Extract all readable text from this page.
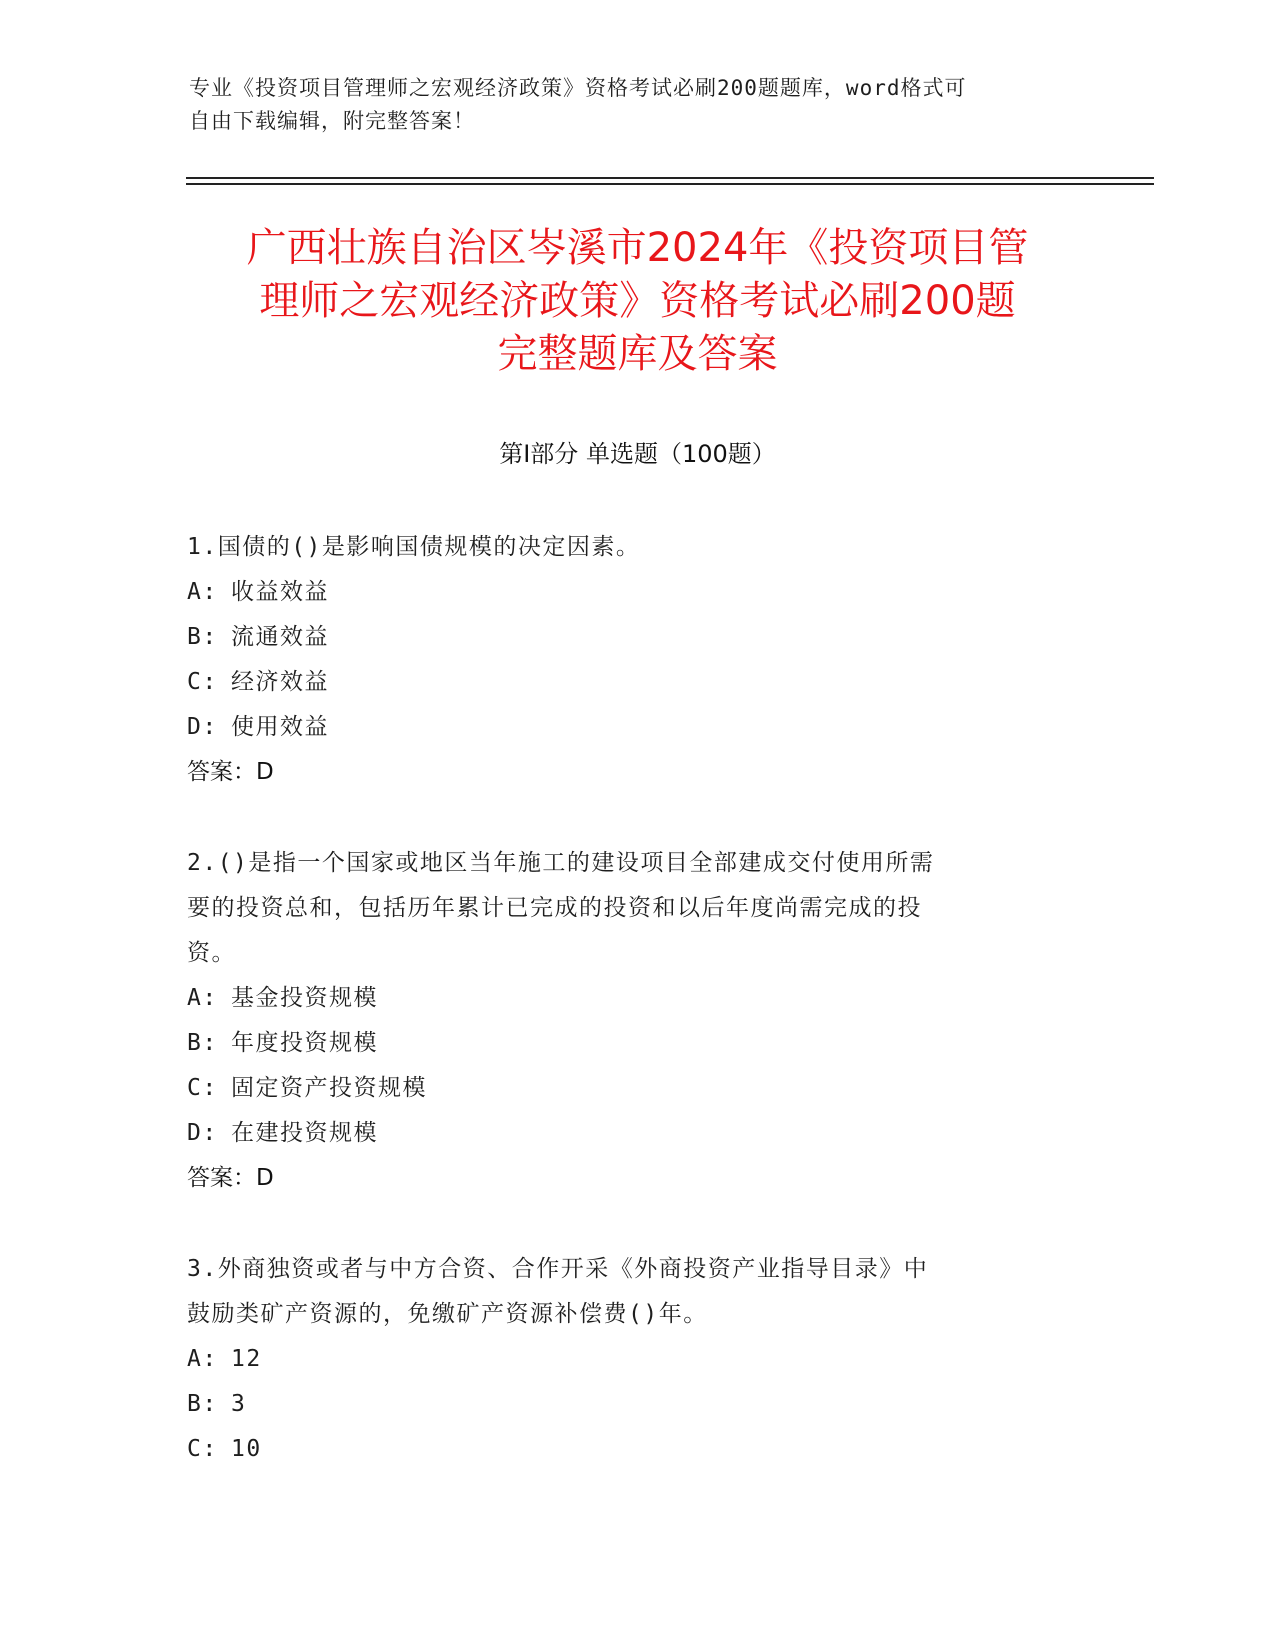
专业《投资项目管理师之宏观经济政策》资格考试必刷200题题库，word格式可
自由下载编辑，附完整答案！
广西壮族自治区岑溪市2024年《投资项目管
理师之宏观经济政策》资格考试必刷200题
完整题库及答案
第Ⅰ部分 单选题（100题）
1.国债的()是影响国债规模的决定因素。
A: 收益效益
B: 流通效益
C: 经济效益
D: 使用效益
答案：D
2.()是指一个国家或地区当年施工的建设项目全部建成交付使用所需
要的投资总和，包括历年累计已完成的投资和以后年度尚需完成的投
资。
A: 基金投资规模
B: 年度投资规模
C: 固定资产投资规模
D: 在建投资规模
答案：D
3.外商独资或者与中方合资、合作开采《外商投资产业指导目录》中
鼓励类矿产资源的，免缴矿产资源补偿费()年。
A: 12
B: 3
C: 10
